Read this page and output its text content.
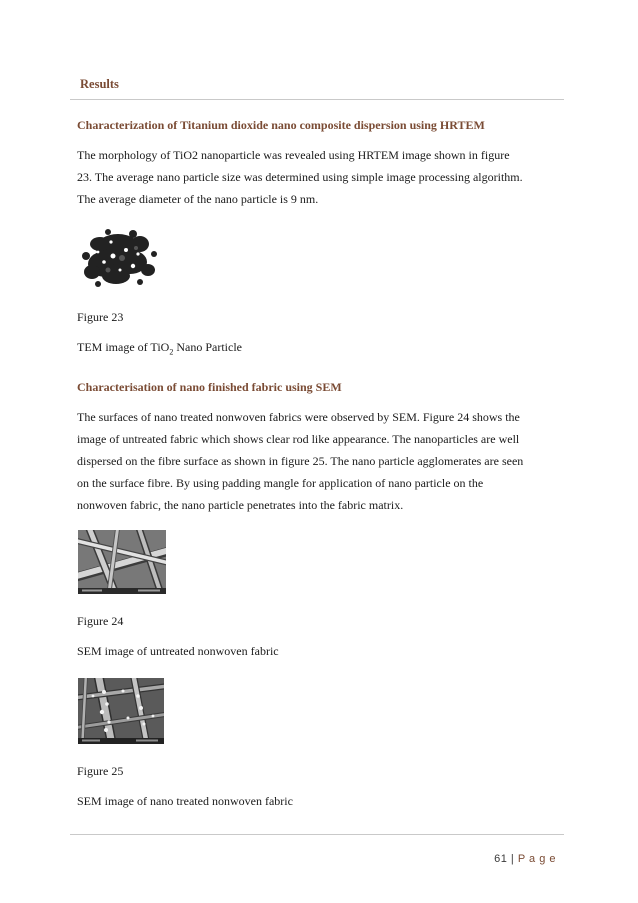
Results
Characterization of Titanium dioxide nano composite dispersion using HRTEM
The morphology of TiO2 nanoparticle was revealed using HRTEM image shown in figure
23. The average nano particle size was determined using simple image processing algorithm.
The average diameter of the nano particle is 9 nm.
Figure 23
TEM image of TiO$_2$ Nano Particle
Characterisation of nano finished fabric using SEM
The surfaces of nano treated nonwoven fabrics were observed by SEM. Figure 24 shows the
image of untreated fabric which shows clear rod like appearance. The nanoparticles are well
dispersed on the fibre surface as shown in figure 25. The nano particle agglomerates are seen
on the surface fibre. By using padding mangle for application of nano particle on the
nonwoven fabric, the nano particle penetrates into the fabric matrix.
Figure 24
SEM image of untreated nonwoven fabric
Figure 25
SEM image of nano treated nonwoven fabric
61 | P a g e
